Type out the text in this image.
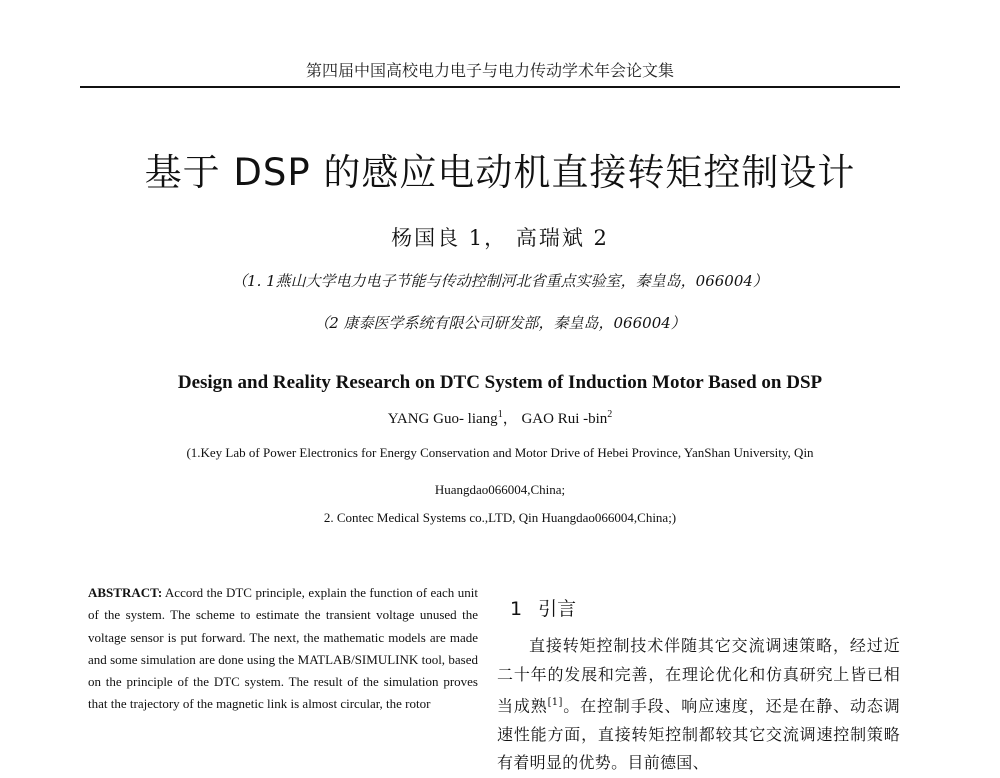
第四届中国高校电力电子与电力传动学术年会论文集
基于 DSP 的感应电动机直接转矩控制设计
杨国良 1， 高瑞斌 2
（1. 1燕山大学电力电子节能与传动控制河北省重点实验室，秦皇岛，066004）
（2 康泰医学系统有限公司研发部，秦皇岛，066004）
Design and Reality Research on DTC System of Induction Motor Based on DSP
YANG Guo- liang$^1$， GAO Rui -bin$^2$
(1.Key Lab of Power Electronics for Energy Conservation and Motor Drive of Hebei Province, YanShan University, Qin
Huangdao066004,China;
2. Contec Medical Systems co.,LTD, Qin Huangdao066004,China;)
ABSTRACT: Accord the DTC principle, explain the function of each unit of the system. The scheme to estimate the transient voltage unused the voltage sensor is put forward. The next, the mathematic models are made and some simulation are done using the MATLAB/SIMULINK tool, based on the principle of the DTC system. The result of the simulation proves that the trajectory of the magnetic link is almost circular, the rotor
1 引言
直接转矩控制技术伴随其它交流调速策略，经过近二十年的发展和完善，在理论优化和仿真研究上皆已相当成熟[1]。在控制手段、响应速度，还是在静、动态调速性能方面，直接转矩控制都较其它交流调速控制策略有着明显的优势。目前德国、
